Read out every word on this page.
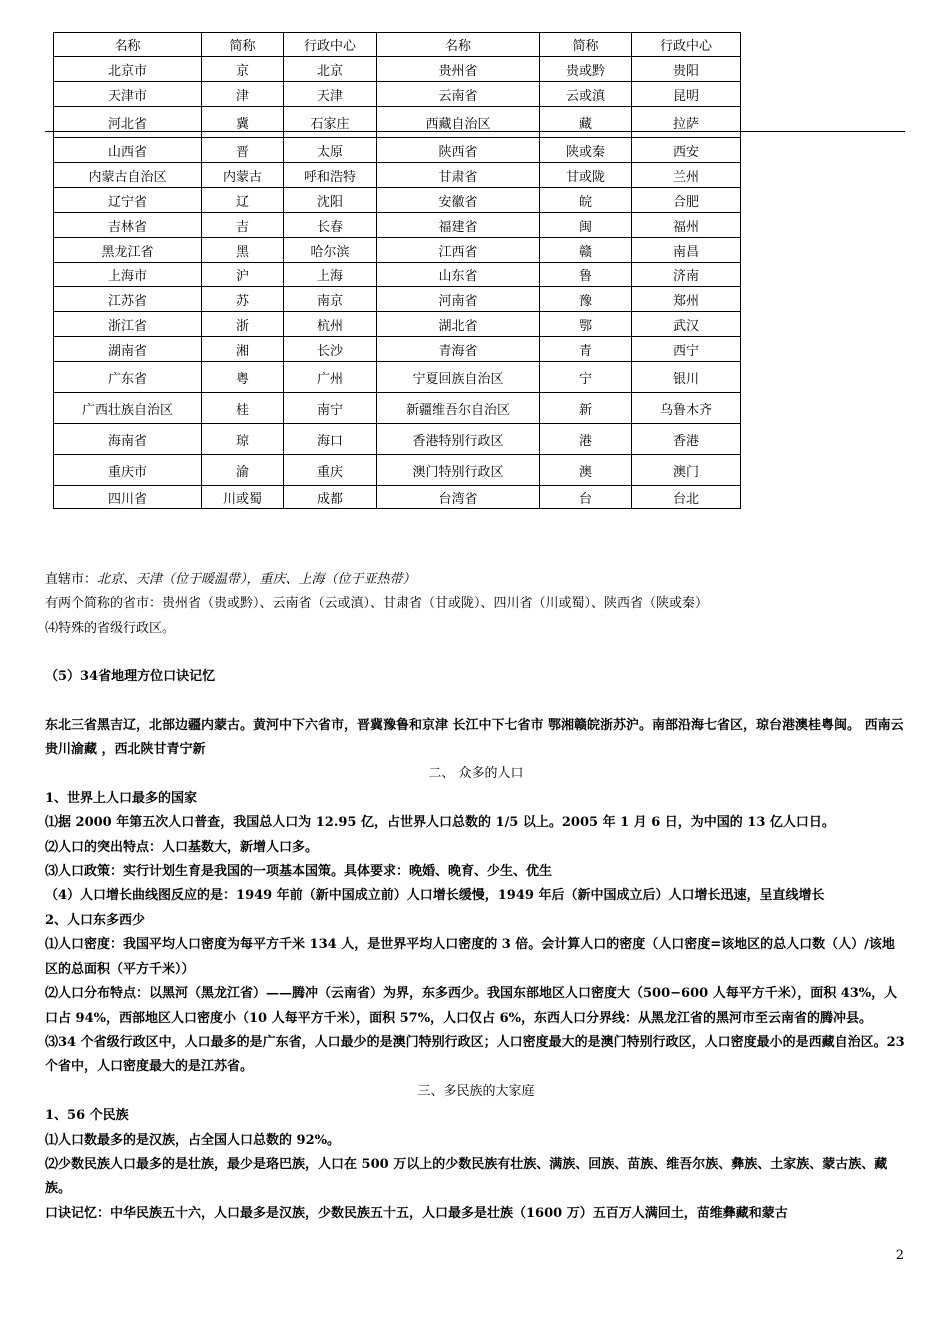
名称	简称	行政中心	名称	简称	行政中心
北京市	京	北京	贵州省	贵或黔	贵阳
天津市	津	天津	云南省	云或滇	昆明
河北省	冀	石家庄	西藏自治区	藏	拉萨
山西省	晋	太原	陕西省	陕或秦	西安
内蒙古自治区	内蒙古	呼和浩特	甘肃省	甘或陇	兰州
辽宁省	辽	沈阳	安徽省	皖	合肥
吉林省	吉	长春	福建省	闽	福州
黑龙江省	黑	哈尔滨	江西省	赣	南昌
上海市	沪	上海	山东省	鲁	济南
江苏省	苏	南京	河南省	豫	郑州
浙江省	浙	杭州	湖北省	鄂	武汉
湖南省	湘	长沙	青海省	青	西宁
广东省	粤	广州	宁夏回族自治区	宁	银川
广西壮族自治区	桂	南宁	新疆维吾尔自治区	新	乌鲁木齐
海南省	琼	海口	香港特别行政区	港	香港
重庆市	渝	重庆	澳门特别行政区	澳	澳门
四川省	川或蜀	成都	台湾省	台	台北

直辖市：北京、天津（位于暖温带），重庆、上海（位于亚热带）

有两个简称的省市：贵州省（贵或黔）、云南省（云或滇）、甘肃省（甘或陇）、四川省（川或蜀）、陕西省（陕或秦）

⑷特殊的省级行政区。

（5）34省地理方位口诀记忆

东北三省黑吉辽，北部边疆内蒙古。黄河中下六省市，晋冀豫鲁和京津 长江中下七省市 鄂湘赣皖浙苏沪。南部沿海七省区，琼台港澳桂粤闽。 西南云贵川渝藏 ，西北陕甘青宁新

二、 众多的人口

1、世界上人口最多的国家

⑴据 2000 年第五次人口普查，我国总人口为 12.95 亿，占世界人口总数的 1/5 以上。2005 年 1 月 6 日，为中国的 13 亿人口日。

⑵人口的突出特点：人口基数大，新增人口多。

⑶人口政策：实行计划生育是我国的一项基本国策。具体要求：晚婚、晚育、少生、优生

（4）人口增长曲线图反应的是：1949 年前（新中国成立前）人口增长缓慢，1949 年后（新中国成立后）人口增长迅速，呈直线增长

2、人口东多西少

⑴人口密度：我国平均人口密度为每平方千米 134 人，是世界平均人口密度的 3 倍。会计算人口的密度（人口密度=该地区的总人口数（人）/该地区的总面积（平方千米））

⑵人口分布特点：以黑河（黑龙江省）——腾冲（云南省）为界，东多西少。我国东部地区人口密度大（500−600 人每平方千米），面积 43%，人口占 94%，西部地区人口密度小（10 人每平方千米），面积 57%，人口仅占 6%，东西人口分界线：从黑龙江省的黑河市至云南省的腾冲县。

⑶34 个省级行政区中，人口最多的是广东省，人口最少的是澳门特别行政区；人口密度最大的是澳门特别行政区，人口密度最小的是西藏自治区。23 个省中，人口密度最大的是江苏省。

三、多民族的大家庭

1、56 个民族

⑴人口数最多的是汉族，占全国人口总数的 92%。

⑵少数民族人口最多的是壮族，最少是珞巴族，人口在 500 万以上的少数民族有壮族、满族、回族、苗族、维吾尔族、彝族、土家族、蒙古族、藏族。

口诀记忆：中华民族五十六，人口最多是汉族，少数民族五十五，人口最多是壮族（1600 万）五百万人满回土，苗维彝藏和蒙古

2
